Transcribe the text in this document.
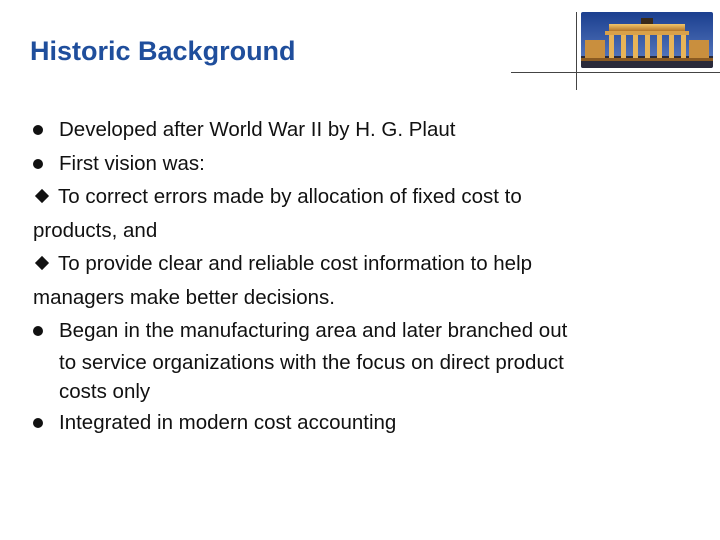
Historic Background
Developed after World War II by H. G. Plaut
First vision was:
To correct errors made by allocation of fixed cost to
products, and
To provide clear and reliable cost information to help
managers make better decisions.
Began in the manufacturing area and later branched out
to service organizations with the focus on direct product
costs only
Integrated in modern cost accounting
